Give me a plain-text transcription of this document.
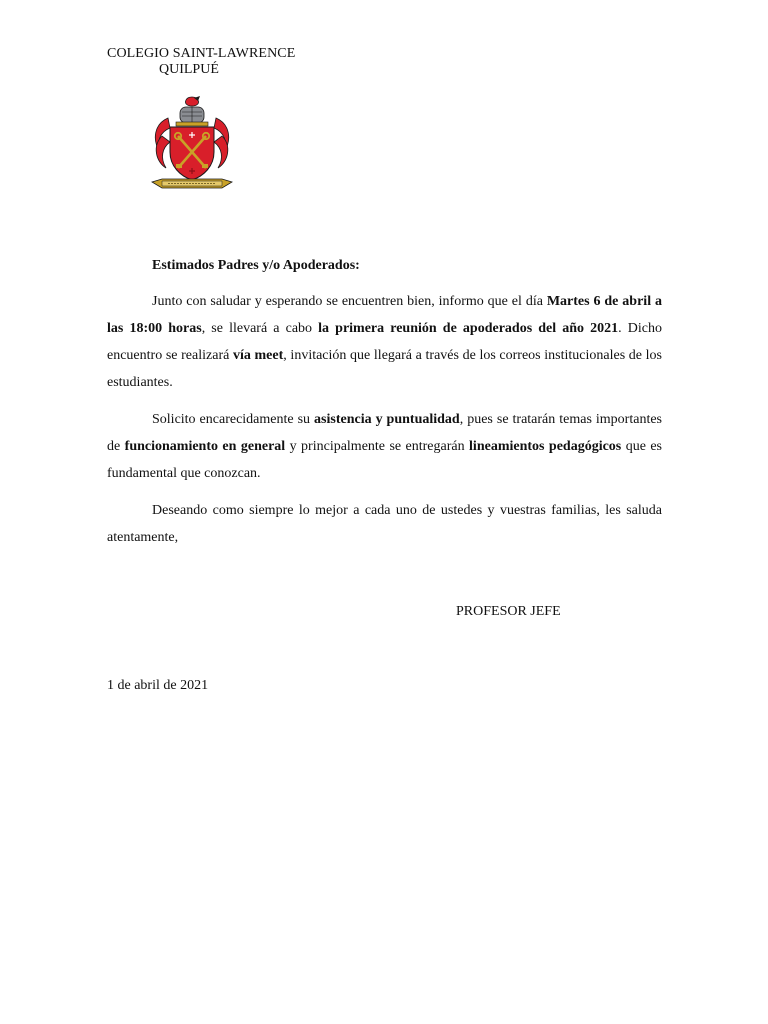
COLEGIO SAINT-LAWRENCE
QUILPUÉ
Estimados Padres y/o Apoderados:
Junto con saludar y esperando se encuentren bien, informo que el día Martes 6 de abril a las 18:00 horas, se llevará a cabo la primera reunión de apoderados del año 2021. Dicho encuentro se realizará vía meet, invitación que llegará a través de los correos institucionales de los estudiantes.
Solicito encarecidamente su asistencia y puntualidad, pues se tratarán temas importantes de funcionamiento en general y principalmente se entregarán lineamientos pedagógicos que es fundamental que conozcan.
Deseando como siempre lo mejor a cada uno de ustedes y vuestras familias, les saluda atentamente,
PROFESOR JEFE
1 de abril de 2021
